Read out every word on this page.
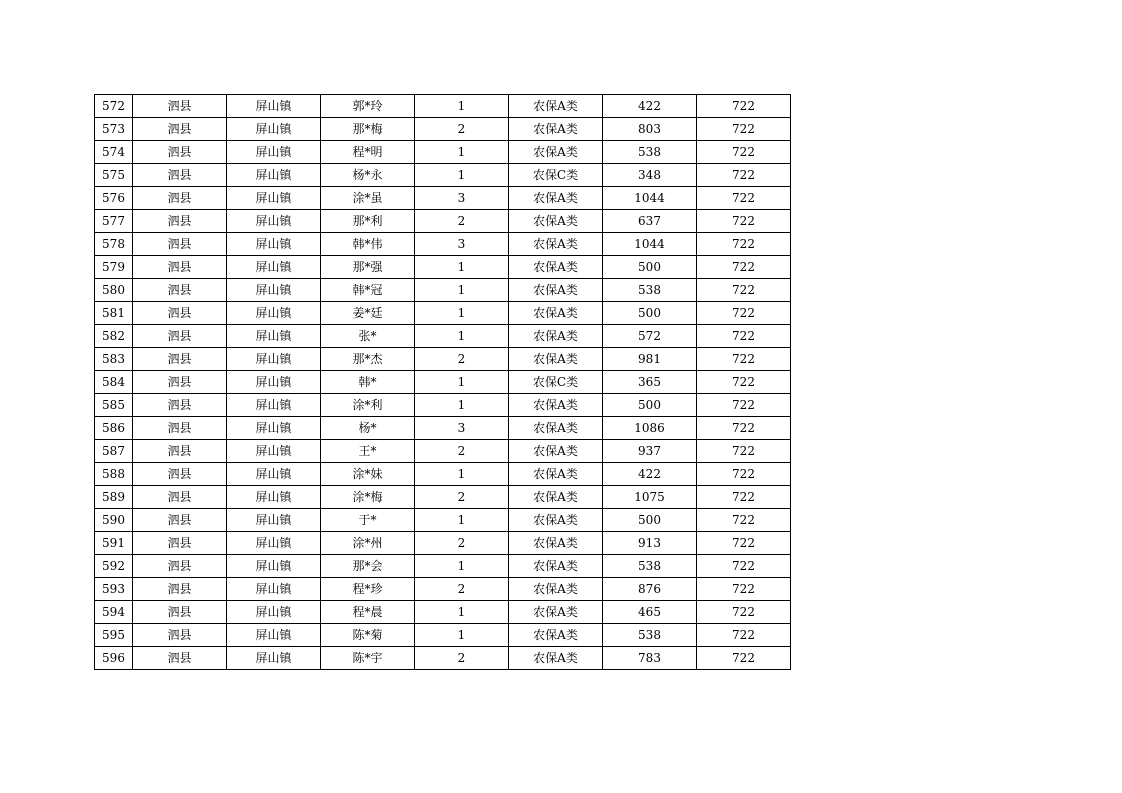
572	泗县	屏山镇	郭*玲	1	农保A类	422	722
573	泗县	屏山镇	那*梅	2	农保A类	803	722
574	泗县	屏山镇	程*明	1	农保A类	538	722
575	泗县	屏山镇	杨*永	1	农保C类	348	722
576	泗县	屏山镇	涂*虽	3	农保A类	1044	722
577	泗县	屏山镇	那*利	2	农保A类	637	722
578	泗县	屏山镇	韩*伟	3	农保A类	1044	722
579	泗县	屏山镇	那*强	1	农保A类	500	722
580	泗县	屏山镇	韩*冠	1	农保A类	538	722
581	泗县	屏山镇	姜*廷	1	农保A类	500	722
582	泗县	屏山镇	张*	1	农保A类	572	722
583	泗县	屏山镇	那*杰	2	农保A类	981	722
584	泗县	屏山镇	韩*	1	农保C类	365	722
585	泗县	屏山镇	涂*利	1	农保A类	500	722
586	泗县	屏山镇	杨*	3	农保A类	1086	722
587	泗县	屏山镇	王*	2	农保A类	937	722
588	泗县	屏山镇	涂*妹	1	农保A类	422	722
589	泗县	屏山镇	涂*梅	2	农保A类	1075	722
590	泗县	屏山镇	于*	1	农保A类	500	722
591	泗县	屏山镇	涂*州	2	农保A类	913	722
592	泗县	屏山镇	那*会	1	农保A类	538	722
593	泗县	屏山镇	程*珍	2	农保A类	876	722
594	泗县	屏山镇	程*晨	1	农保A类	465	722
595	泗县	屏山镇	陈*菊	1	农保A类	538	722
596	泗县	屏山镇	陈*宇	2	农保A类	783	722
